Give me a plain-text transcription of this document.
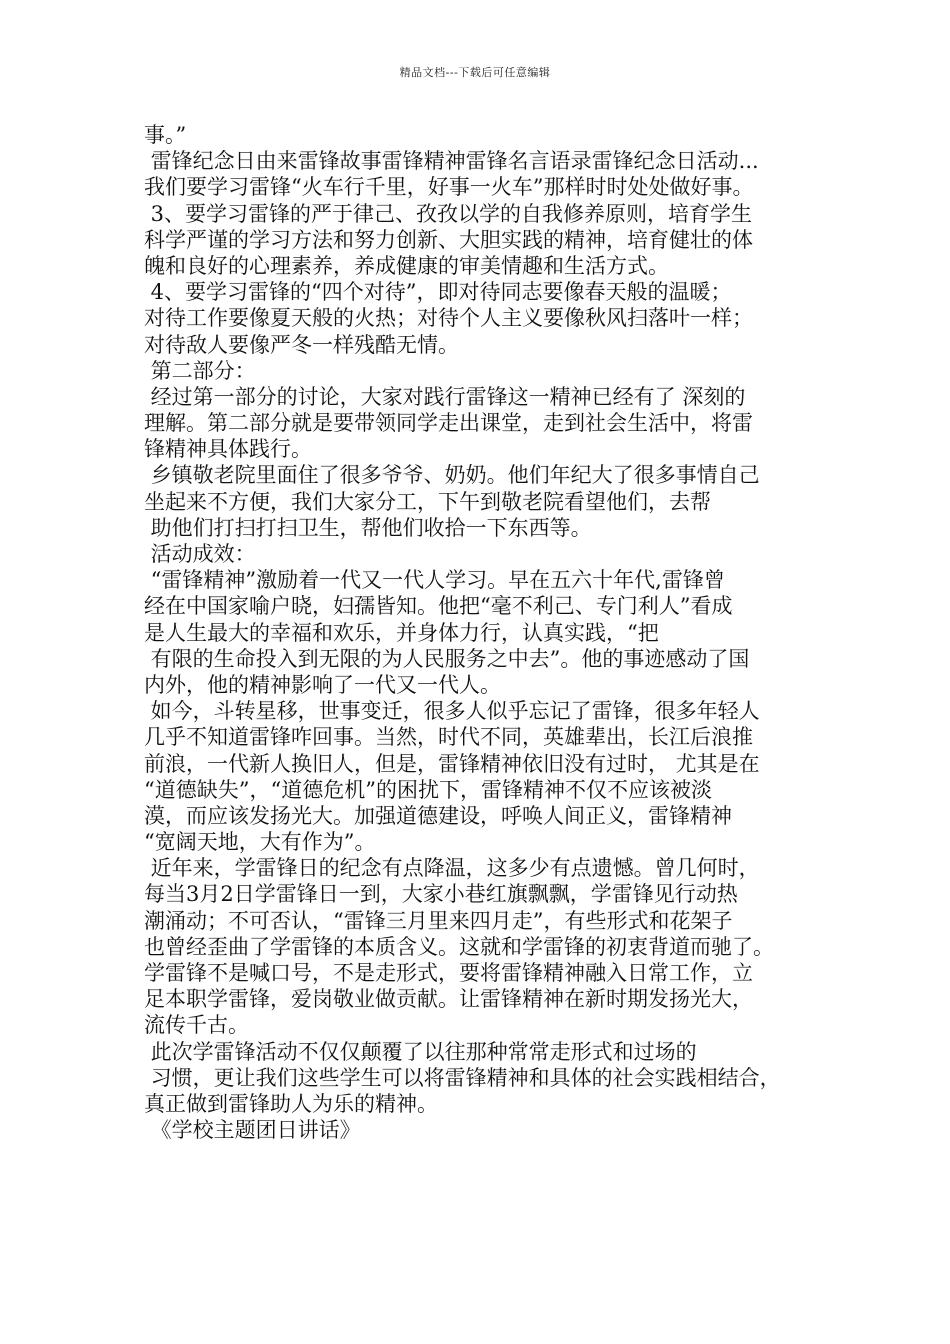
精品文档---下载后可任意编辑
事。”
雷锋纪念日由来雷锋故事雷锋精神雷锋名言语录雷锋纪念日活动...
我们要学习雷锋“火车行千里，好事一火车”那样时时处处做好事。
3、要学习雷锋的严于律己、孜孜以学的自我修养原则，培育学生
科学严谨的学习方法和努力创新、大胆实践的精神，培育健壮的体
魄和良好的心理素养，养成健康的审美情趣和生活方式。
4、要学习雷锋的“四个对待”，即对待同志要像春天般的温暖；
对待工作要像夏天般的火热；对待个人主义要像秋风扫落叶一样；
对待敌人要像严冬一样残酷无情。
第二部分：
经过第一部分的讨论，大家对践行雷锋这一精神已经有了 深刻的
理解。第二部分就是要带领同学走出课堂，走到社会生活中，将雷
锋精神具体践行。
乡镇敬老院里面住了很多爷爷、奶奶。他们年纪大了很多事情自己
坐起来不方便，我们大家分工，下午到敬老院看望他们，去帮
助他们打扫打扫卫生，帮他们收拾一下东西等。
活动成效：
“雷锋精神”激励着一代又一代人学习。早在五六十年代,雷锋曾
经在中国家喻户晓，妇孺皆知。他把“毫不利己、专门利人”看成
是人生最大的幸福和欢乐，并身体力行，认真实践，“把
有限的生命投入到无限的为人民服务之中去”。他的事迹感动了国
内外，他的精神影响了一代又一代人。
如今，斗转星移，世事变迁，很多人似乎忘记了雷锋，很多年轻人
几乎不知道雷锋咋回事。当然，时代不同，英雄辈出，长江后浪推
前浪，一代新人换旧人，但是，雷锋精神依旧没有过时， 尤其是在
“道德缺失”，“道德危机”的困扰下，雷锋精神不仅不应该被淡
漠，而应该发扬光大。加强道德建设，呼唤人间正义，雷锋精神
“宽阔天地，大有作为”。
近年来，学雷锋日的纪念有点降温，这多少有点遗憾。曾几何时，
每当3月2日学雷锋日一到，大家小巷红旗飘飘，学雷锋见行动热
潮涌动；不可否认，“雷锋三月里来四月走”，有些形式和花架子
也曾经歪曲了学雷锋的本质含义。这就和学雷锋的初衷背道而驰了。
学雷锋不是喊口号，不是走形式，要将雷锋精神融入日常工作，立
足本职学雷锋，爱岗敬业做贡献。让雷锋精神在新时期发扬光大，
流传千古。
此次学雷锋活动不仅仅颠覆了以往那种常常走形式和过场的
习惯，更让我们这些学生可以将雷锋精神和具体的社会实践相结合，
真正做到雷锋助人为乐的精神。
《学校主题团日讲话》
